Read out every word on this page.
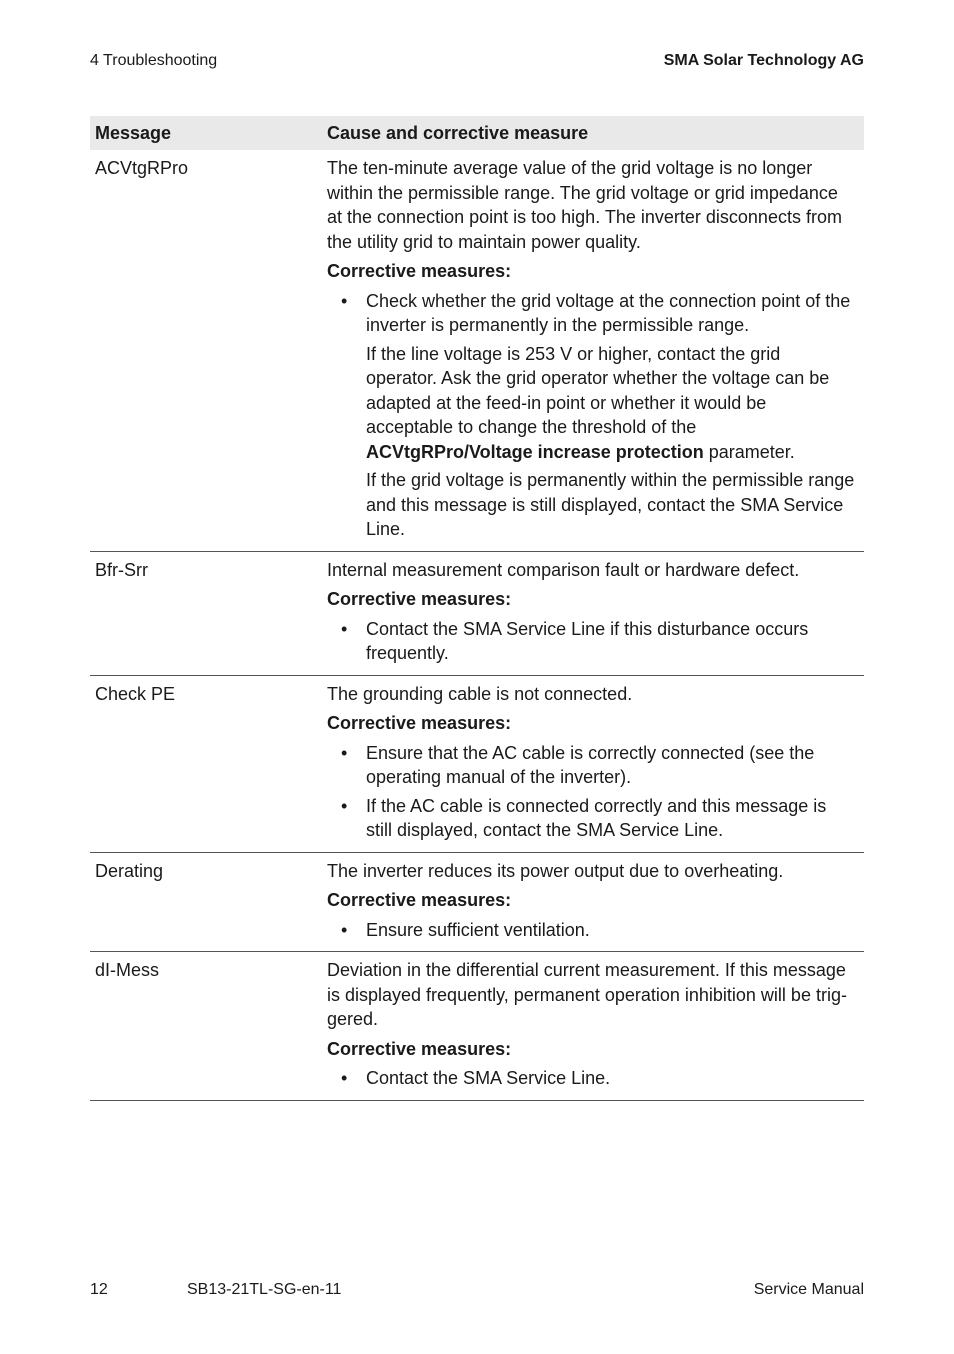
4 Troubleshooting	SMA Solar Technology AG
Message	Cause and corrective measure
ACVtgRPro	The ten-minute average value of the grid voltage is no longer within the permissible range. The grid voltage or grid impedance at the connection point is too high. The inverter disconnects from the utility grid to maintain power quality.

Corrective measures:
• Check whether the grid voltage at the connection point of the inverter is permanently in the permissible range.
If the line voltage is 253 V or higher, contact the grid operator. Ask the grid operator whether the voltage can be adapted at the feed-in point or whether it would be acceptable to change the threshold of the ACVtgRPro/Voltage increase protection parameter.
If the grid voltage is permanently within the permissible range and this message is still displayed, contact the SMA Service Line.
Bfr-Srr	Internal measurement comparison fault or hardware defect.

Corrective measures:
• Contact the SMA Service Line if this disturbance occurs frequently.
Check PE	The grounding cable is not connected.

Corrective measures:
• Ensure that the AC cable is correctly connected (see the operating manual of the inverter).
• If the AC cable is connected correctly and this message is still displayed, contact the SMA Service Line.
Derating	The inverter reduces its power output due to overheating.

Corrective measures:
• Ensure sufficient ventilation.
dI-Mess	Deviation in the differential current measurement. If this message is displayed frequently, permanent operation inhibition will be trig-gered.

Corrective measures:
• Contact the SMA Service Line.
12	SB13-21TL-SG-en-11	Service Manual
